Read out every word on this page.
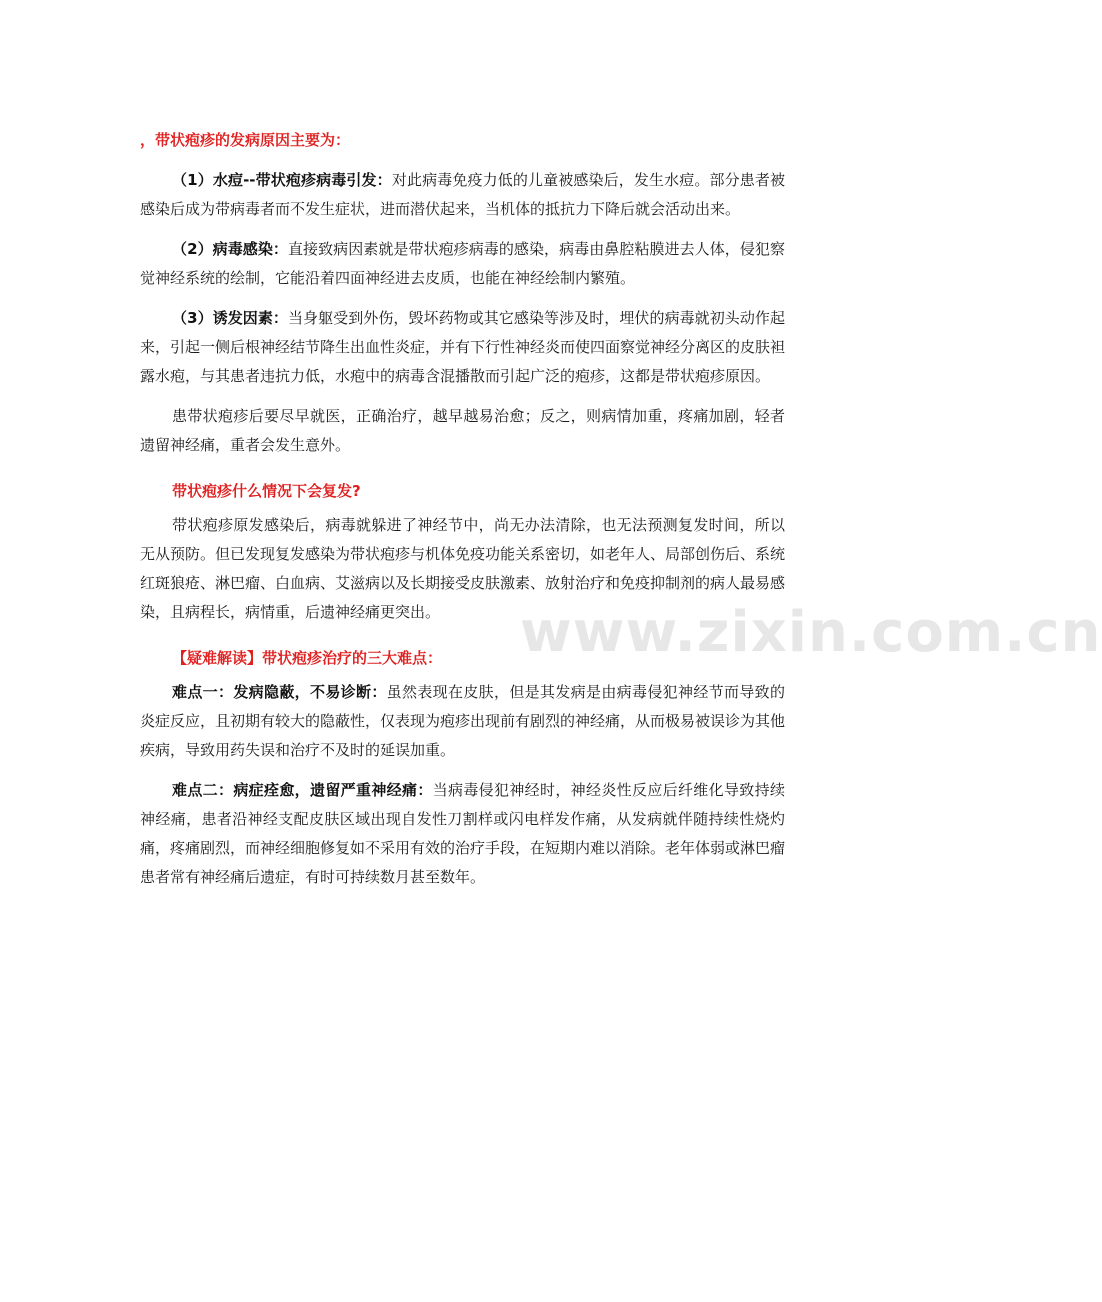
www.zixin.com.cn

，带状疱疹的发病原因主要为：

（1）水痘--带状疱疹病毒引发：对此病毒免疫力低的儿童被感染后，发生水痘。部分患者被感染后成为带病毒者而不发生症状，进而潜伏起来，当机体的抵抗力下降后就会活动出来。

（2）病毒感染：直接致病因素就是带状疱疹病毒的感染，病毒由鼻腔粘膜进去人体，侵犯察觉神经系统的绘制，它能沿着四面神经进去皮质，也能在神经绘制内繁殖。

（3）诱发因素：当身躯受到外伤，毁坏药物或其它感染等涉及时，埋伏的病毒就初头动作起来，引起一侧后根神经结节降生出血性炎症，并有下行性神经炎而使四面察觉神经分离区的皮肤袒露水疱，与其患者违抗力低，水疱中的病毒含混播散而引起广泛的疱疹，这都是带状疱疹原因。

患带状疱疹后要尽早就医，正确治疗，越早越易治愈；反之，则病情加重，疼痛加剧，轻者遗留神经痛，重者会发生意外。

带状疱疹什么情况下会复发?

带状疱疹原发感染后，病毒就躲进了神经节中，尚无办法清除，也无法预测复发时间，所以无从预防。但已发现复发感染为带状疱疹与机体免疫功能关系密切，如老年人、局部创伤后、系统红斑狼疮、淋巴瘤、白血病、艾滋病以及长期接受皮肤激素、放射治疗和免疫抑制剂的病人最易感染，且病程长，病情重，后遗神经痛更突出。

【疑难解读】带状疱疹治疗的三大难点：

难点一：发病隐蔽，不易诊断：虽然表现在皮肤，但是其发病是由病毒侵犯神经节而导致的炎症反应，且初期有较大的隐蔽性，仅表现为疱疹出现前有剧烈的神经痛，从而极易被误诊为其他疾病，导致用药失误和治疗不及时的延误加重。

难点二：病症痊愈，遗留严重神经痛：当病毒侵犯神经时，神经炎性反应后纤维化导致持续神经痛，患者沿神经支配皮肤区域出现自发性刀割样或闪电样发作痛，从发病就伴随持续性烧灼痛，疼痛剧烈，而神经细胞修复如不采用有效的治疗手段，在短期内难以消除。老年体弱或淋巴瘤患者常有神经痛后遗症，有时可持续数月甚至数年。
